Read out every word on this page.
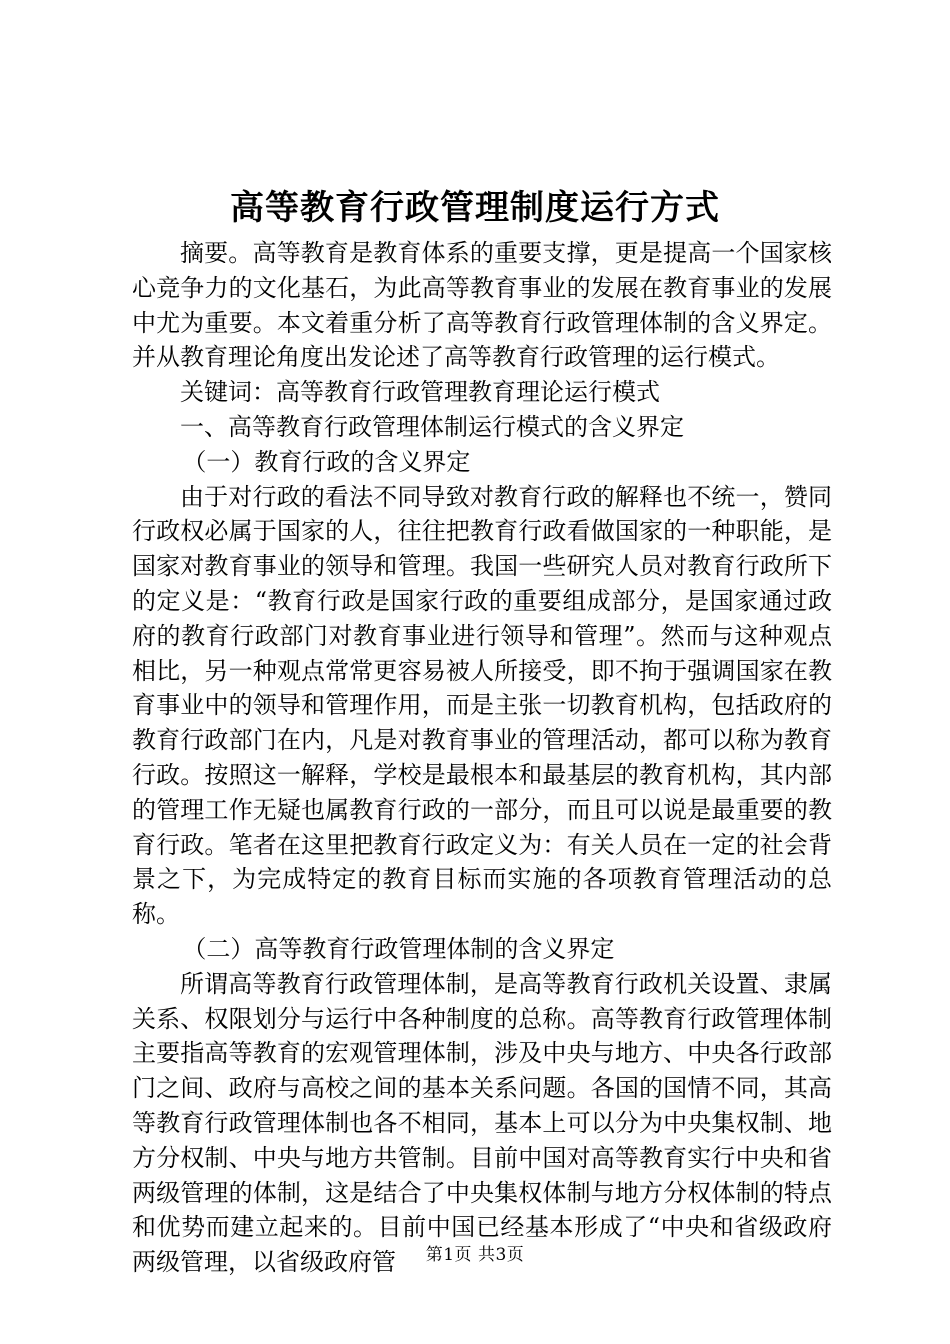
高等教育行政管理制度运行方式

摘要。高等教育是教育体系的重要支撑，更是提高一个国家核心竞争力的文化基石，为此高等教育事业的发展在教育事业的发展中尤为重要。本文着重分析了高等教育行政管理体制的含义界定。并从教育理论角度出发论述了高等教育行政管理的运行模式。

关键词：高等教育行政管理教育理论运行模式

一、高等教育行政管理体制运行模式的含义界定

（一）教育行政的含义界定

由于对行政的看法不同导致对教育行政的解释也不统一，赞同行政权必属于国家的人，往往把教育行政看做国家的一种职能，是国家对教育事业的领导和管理。我国一些研究人员对教育行政所下的定义是：“教育行政是国家行政的重要组成部分，是国家通过政府的教育行政部门对教育事业进行领导和管理”。然而与这种观点相比，另一种观点常常更容易被人所接受，即不拘于强调国家在教育事业中的领导和管理作用，而是主张一切教育机构，包括政府的教育行政部门在内，凡是对教育事业的管理活动，都可以称为教育行政。按照这一解释，学校是最根本和最基层的教育机构，其内部的管理工作无疑也属教育行政的一部分，而且可以说是最重要的教育行政。笔者在这里把教育行政定义为：有关人员在一定的社会背景之下，为完成特定的教育目标而实施的各项教育管理活动的总称。

（二）高等教育行政管理体制的含义界定

所谓高等教育行政管理体制，是高等教育行政机关设置、隶属关系、权限划分与运行中各种制度的总称。高等教育行政管理体制主要指高等教育的宏观管理体制，涉及中央与地方、中央各行政部门之间、政府与高校之间的基本关系问题。各国的国情不同，其高等教育行政管理体制也各不相同，基本上可以分为中央集权制、地方分权制、中央与地方共管制。目前中国对高等教育实行中央和省两级管理的体制，这是结合了中央集权体制与地方分权体制的特点和优势而建立起来的。目前中国已经基本形成了“中央和省级政府两级管理，以省级政府管	第1页 共3页
